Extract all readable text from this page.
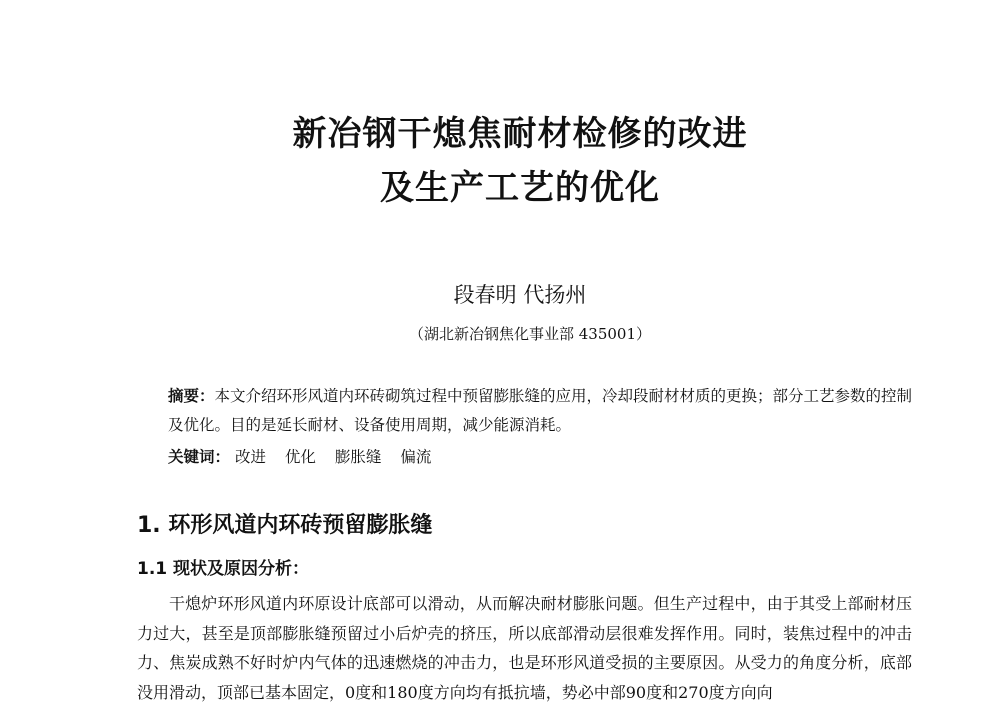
新冶钢干熄焦耐材检修的改进
及生产工艺的优化
段春明 代扬州
（湖北新冶钢焦化事业部 435001）
摘要：本文介绍环形风道内环砖砌筑过程中预留膨胀缝的应用，冷却段耐材材质的更换；部分工艺参数的控制及优化。目的是延长耐材、设备使用周期，减少能源消耗。
关键词： 改进 优化 膨胀缝 偏流
1. 环形风道内环砖预留膨胀缝
1.1 现状及原因分析：
干熄炉环形风道内环原设计底部可以滑动，从而解决耐材膨胀问题。但生产过程中，由于其受上部耐材压力过大，甚至是顶部膨胀缝预留过小后炉壳的挤压，所以底部滑动层很难发挥作用。同时，装焦过程中的冲击力、焦炭成熟不好时炉内气体的迅速燃烧的冲击力，也是环形风道受损的主要原因。从受力的角度分析，底部没用滑动，顶部已基本固定，0度和180度方向均有抵抗墙，势必中部90度和270度方向向
